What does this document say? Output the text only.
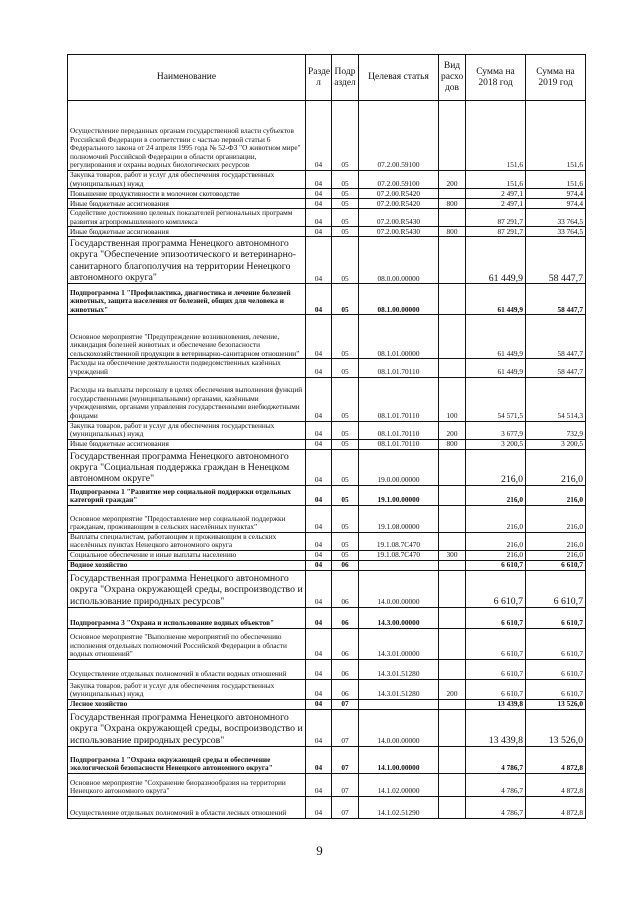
Наименование	Разде л	Подр аздел	Целевая статья	Вид расхо дов	Сумма на 2018 год	Сумма на 2019 год
Осуществление переданных органам государственной власти субъектов Российской Федерации в соответствии с частью первой статьи 6 Федерального закона от 24 апреля 1995 года № 52-ФЗ "О животном мире" полномочий Российской Федерации в области организации, регулирования и охраны водных биологических ресурсов	04	05	07.2.00.59100		151,6	151,6
Закупка товаров, работ и услуг для обеспечения государственных (муниципальных) нужд	04	05	07.2.00.59100	200	151,6	151,6
Повышение продуктивности в молочном скотоводстве	04	05	07.2.00.R5420		2 497,1	974,4
Иные бюджетные ассигнования	04	05	07.2.00.R5420	800	2 497,1	974,4
Содействие достижению целевых показателей региональных программ развития агропромышленного комплекса	04	05	07.2.00.R5430		87 291,7	33 764,5
Иные бюджетные ассигнования	04	05	07.2.00.R5430	800	87 291,7	33 764,5
Государственная программа Ненецкого автономного округа "Обеспечение эпизоотического и ветеринарно-санитарного благополучия на территории Ненецкого автономного округа"	04	05	08.0.00.00000		61 449,9	58 447,7
Подпрограмма 1 "Профилактика, диагностика и лечение болезней животных, защита населения от болезней, общих для человека и животных"	04	05	08.1.00.00000		61 449,9	58 447,7
Основное мероприятие "Предупреждение возникновения, лечение, ликвидация болезней животных и обеспечение безопасности сельскохозяйственной продукции в ветеринарно-санитарном отношении"	04	05	08.1.01.00000		61 449,9	58 447,7
Расходы на обеспечение деятельности подведомственных казённых учреждений	04	05	08.1.01.70110		61 449,9	58 447,7
Расходы на выплаты персоналу в целях обеспечения выполнения функций государственными (муниципальными) органами, казёнными учреждениями, органами управления государственными внебюджетными фондами	04	05	08.1.01.70110	100	54 571,5	54 514,3
Закупка товаров, работ и услуг для обеспечения государственных (муниципальных) нужд	04	05	08.1.01.70110	200	3 677,9	732,9
Иные бюджетные ассигнования	04	05	08.1.01.70110	800	3 200,5	3 200,5
Государственная программа Ненецкого автономного округа "Социальная поддержка граждан в Ненецком автономном округе"	04	05	19.0.00.00000		216,0	216,0
Подпрограмма 1 "Развитие мер социальной поддержки отдельных категорий граждан"	04	05	19.1.00.00000		216,0	216,0
Основное мероприятие "Предоставление мер социальной поддержки гражданам, проживающим в сельских населённых пунктах"	04	05	19.1.08.00000		216,0	216,0
Выплаты специалистам, работающим и проживающим в сельских населённых пунктах Ненецкого автономного округа	04	05	19.1.08.7С470		216,0	216,0
Социальное обеспечение и иные выплаты населению	04	05	19.1.08.7С470	300	216,0	216,0
Водное хозяйство	04	06			6 610,7	6 610,7
Государственная программа Ненецкого автономного округа "Охрана окружающей среды, воспроизводство и использование природных ресурсов"	04	06	14.0.00.00000		6 610,7	6 610,7
Подпрограмма 3 "Охрана и использование водных объектов"	04	06	14.3.00.00000		6 610,7	6 610,7
Основное мероприятие "Выполнение мероприятий по обеспечению исполнения отдельных полномочий Российской Федерации в области водных отношений"	04	06	14.3.01.00000		6 610,7	6 610,7
Осуществление отдельных полномочий в области водных отношений	04	06	14.3.01.51280		6 610,7	6 610,7
Закупка товаров, работ и услуг для обеспечения государственных (муниципальных) нужд	04	06	14.3.01.51280	200	6 610,7	6 610,7
Лесное хозяйство	04	07			13 439,8	13 526,0
Государственная программа Ненецкого автономного округа "Охрана окружающей среды, воспроизводство и использование природных ресурсов"	04	07	14.0.00.00000		13 439,8	13 526,0
Подпрограмма 1 "Охрана окружающей среды и обеспечение экологической безопасности Ненецкого автономного округа"	04	07	14.1.00.00000		4 786,7	4 872,8
Основное мероприятие "Сохранение биоразнообразия на территории Ненецкого автономного округа"	04	07	14.1.02.00000		4 786,7	4 872,8
Осуществление отдельных полномочий в области лесных отношений	04	07	14.1.02.51290		4 786,7	4 872,8
9
